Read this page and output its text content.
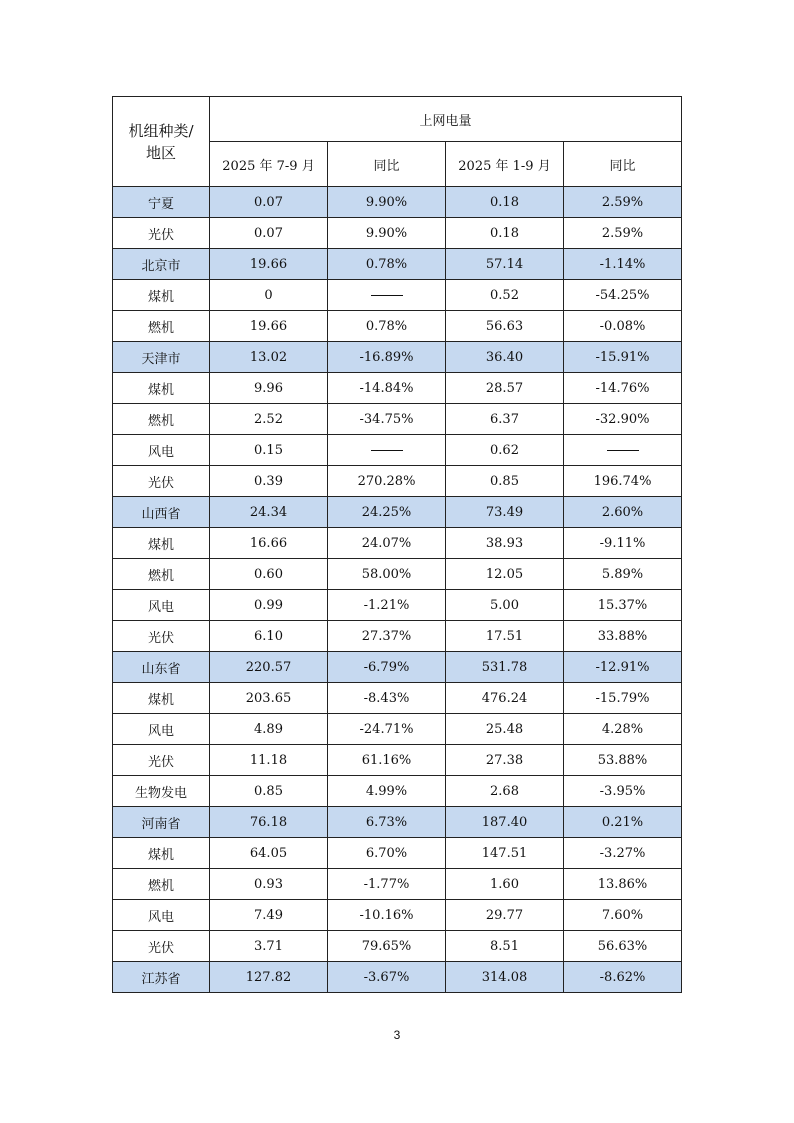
机组种类/
地区	上网电量			
	2025 年 7-9 月	同比	2025 年 1-9 月	同比
宁夏	0.07	9.90%	0.18	2.59%
光伏	0.07	9.90%	0.18	2.59%
北京市	19.66	0.78%	57.14	-1.14%
煤机	0		0.52	-54.25%
燃机	19.66	0.78%	56.63	-0.08%
天津市	13.02	-16.89%	36.40	-15.91%
煤机	9.96	-14.84%	28.57	-14.76%
燃机	2.52	-34.75%	6.37	-32.90%
风电	0.15		0.62	
光伏	0.39	270.28%	0.85	196.74%
山西省	24.34	24.25%	73.49	2.60%
煤机	16.66	24.07%	38.93	-9.11%
燃机	0.60	58.00%	12.05	5.89%
风电	0.99	-1.21%	5.00	15.37%
光伏	6.10	27.37%	17.51	33.88%
山东省	220.57	-6.79%	531.78	-12.91%
煤机	203.65	-8.43%	476.24	-15.79%
风电	4.89	-24.71%	25.48	4.28%
光伏	11.18	61.16%	27.38	53.88%
生物发电	0.85	4.99%	2.68	-3.95%
河南省	76.18	6.73%	187.40	0.21%
煤机	64.05	6.70%	147.51	-3.27%
燃机	0.93	-1.77%	1.60	13.86%
风电	7.49	-10.16%	29.77	7.60%
光伏	3.71	79.65%	8.51	56.63%
江苏省	127.82	-3.67%	314.08	-8.62%
3
